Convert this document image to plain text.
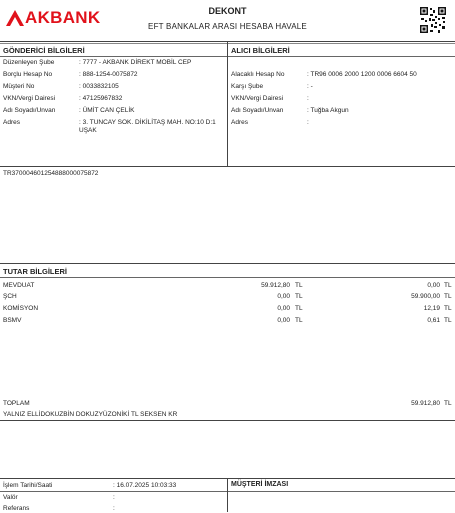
AKBANK	DEKONT
EFT BANKALAR ARASI HESABA HAVALE
GÖNDERİCİ BİLGİLERİ
Düzenleyen Şube	: 7777 - AKBANK DİREKT MOBİL CEP
Borçlu Hesap No	: 888-1254-0075872
Müşteri No	: 0033832105
VKN/Vergi Dairesi	: 47125967832
Adı Soyadı/Unvan	: ÜMİT CAN ÇELİK
Adres	: 3. TUNCAY SOK. DİKİLİTAŞ MAH. NO:10 D:1
UŞAK
ALICI BİLGİLERİ
Alacaklı Hesap No	: TR96 0006 2000 1200 0006 6604 50
Karşı Şube	: -
VKN/Vergi Dairesi	:
Adı Soyadı/Unvan	: Tuğba Akgun
Adres	:
TR370004601254888000075872
TUTAR BİLGİLERİ
MEVDUAT	59.912,80 TL	0,00 TL
ŞCH	0,00 TL	59.900,00 TL
KOMİSYON	0,00 TL	12,19 TL
BSMV	0,00 TL	0,61 TL
TOPLAM	59.912,80 TL
YALNIZ ELLİDOKUZBİN DOKUZYÜZONİKİ TL SEKSEN KR
İşlem Tarihi/Saati	: 16.07.2025 10:03:33
Valör	:
Referans	:
MÜŞTERİ İMZASI
